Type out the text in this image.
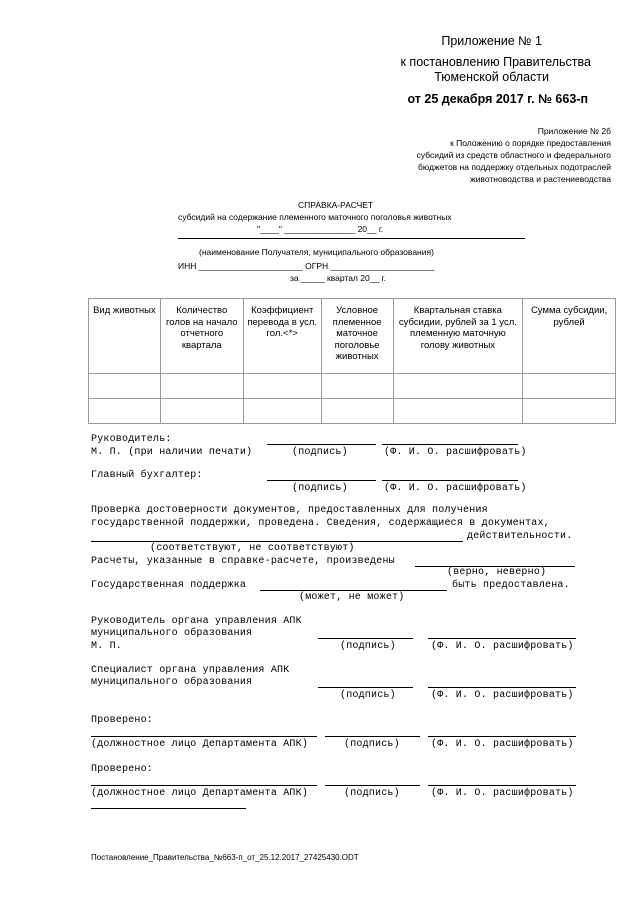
Приложение № 1
к постановлению Правительства
Тюменской области
от 25 декабря 2017 г. № 663-п
Приложение № 2б
к Положению о порядке предоставления
субсидий из средств областного и федерального
бюджетов на поддержку отдельных подотраслей
животноводства и растениеводства
СПРАВКА-РАСЧЕТ
субсидий на содержание племенного маточного поголовья животных
"____" _______________ 20__ г.
(наименование Получателя, муниципального образования)
ИНН ______________________ ОГРН ______________________
за _____ квартал 20__ г.
Вид животных	Количество голов на начало отчетного квартала	Коэффициент перевода в усл. гол.<*>	Условное племенное маточное поголовье животных	Квартальная ставка субсидии, рублей за 1 усл. племенную маточную голову животных	Сумма субсидии, рублей

Руководитель:
М. П. (при наличии печати)	(подпись)	(Ф. И. О. расшифровать)
Главный бухгалтер:
(подпись)	(Ф. И. О. расшифровать)
Проверка достоверности документов, предоставленных для получения
государственной поддержки, проведена. Сведения, содержащиеся в документах,
действительности.
(соответствуют, не соответствуют)
Расчеты, указанные в справке-расчете, произведены
(верно, неверно)
Государственная поддержка	быть предоставлена.
(может, не может)
Руководитель органа управления АПК
муниципального образования
М. П.	(подпись)	(Ф. И. О. расшифровать)
Специалист органа управления АПК
муниципального образования
(подпись)	(Ф. И. О. расшифровать)
Проверено:
(должностное лицо Департамента АПК)	(подпись)	(Ф. И. О. расшифровать)
Проверено:
(должностное лицо Департамента АПК)	(подпись)	(Ф. И. О. расшифровать)
Постановление_Правительства_№663-п_от_25.12.2017_27425430.ODT
